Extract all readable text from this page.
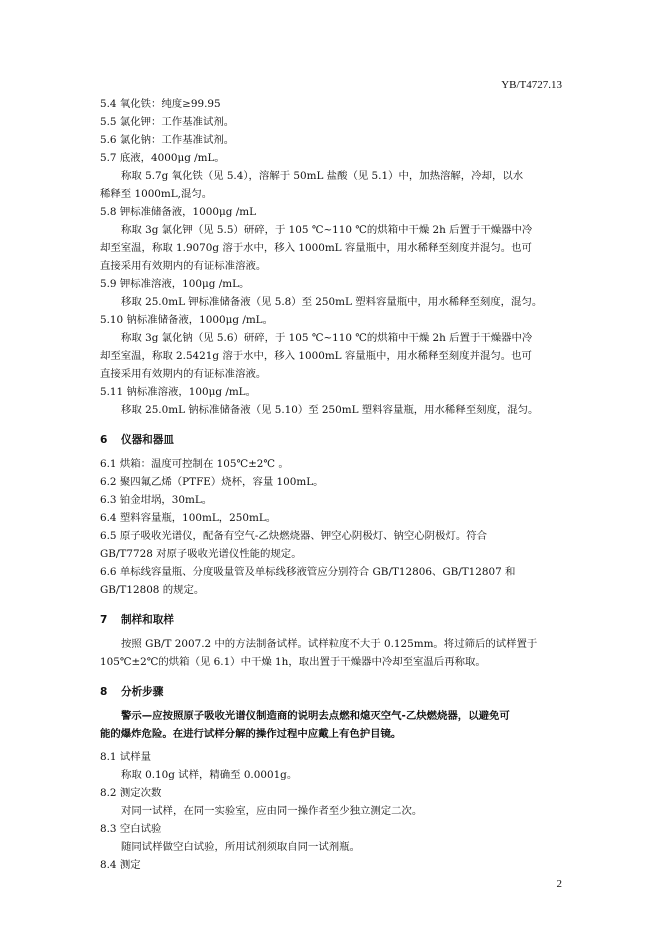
YB/T4727.13
5.4 氧化铁：纯度≥99.95
5.5 氯化钾：工作基准试剂。
5.6 氯化钠：工作基准试剂。
5.7 底液，4000μg /mL。
称取 5.7g 氧化铁（见 5.4），溶解于 50mL 盐酸（见 5.1）中，加热溶解，冷却，以水
稀释至 1000mL,混匀。
5.8 钾标准储备液，1000μg /mL
称取 3g 氯化钾（见 5.5）研碎，于 105 ℃~110 ℃的烘箱中干燥 2h 后置于干燥器中冷
却至室温，称取 1.9070g 溶于水中，移入 1000mL 容量瓶中，用水稀释至刻度并混匀。也可
直接采用有效期内的有证标准溶液。
5.9 钾标准溶液，100μg /mL。
移取 25.0mL 钾标准储备液（见 5.8）至 250mL 塑料容量瓶中，用水稀释至刻度，混匀。
5.10 钠标准储备液，1000μg /mL。
称取 3g 氯化钠（见 5.6）研碎，于 105 ℃~110 ℃的烘箱中干燥 2h 后置于干燥器中冷
却至室温，称取 2.5421g 溶于水中，移入 1000mL 容量瓶中，用水稀释至刻度并混匀。也可
直接采用有效期内的有证标准溶液。
5.11 钠标准溶液，100μg /mL。
移取 25.0mL 钠标准储备液（见 5.10）至 250mL 塑料容量瓶，用水稀释至刻度，混匀。
6 仪器和器皿
6.1 烘箱：温度可控制在 105℃±2℃ 。
6.2 聚四氟乙烯（PTFE）烧杯，容量 100mL。
6.3 铂金坩埚，30mL。
6.4 塑料容量瓶，100mL，250mL。
6.5 原子吸收光谱仪，配备有空气-乙炔燃烧器、钾空心阴极灯、钠空心阴极灯。符合
GB/T7728 对原子吸收光谱仪性能的规定。
6.6 单标线容量瓶、分度吸量管及单标线移液管应分别符合 GB/T12806、GB/T12807 和
GB/T12808 的规定。
7 制样和取样
按照 GB/T 2007.2 中的方法制备试样。试样粒度不大于 0.125mm。将过筛后的试样置于
105℃±2℃的烘箱（见 6.1）中干燥 1h，取出置于干燥器中冷却至室温后再称取。
8 分析步骤
警示—应按照原子吸收光谱仪制造商的说明去点燃和熄灭空气-乙炔燃烧器，以避免可
能的爆炸危险。在进行试样分解的操作过程中应戴上有色护目镜。
8.1 试样量
称取 0.10g 试样，精确至 0.0001g。
8.2 测定次数
对同一试样，在同一实验室，应由同一操作者至少独立测定二次。
8.3 空白试验
随同试样做空白试验，所用试剂须取自同一试剂瓶。
8.4 测定
2
